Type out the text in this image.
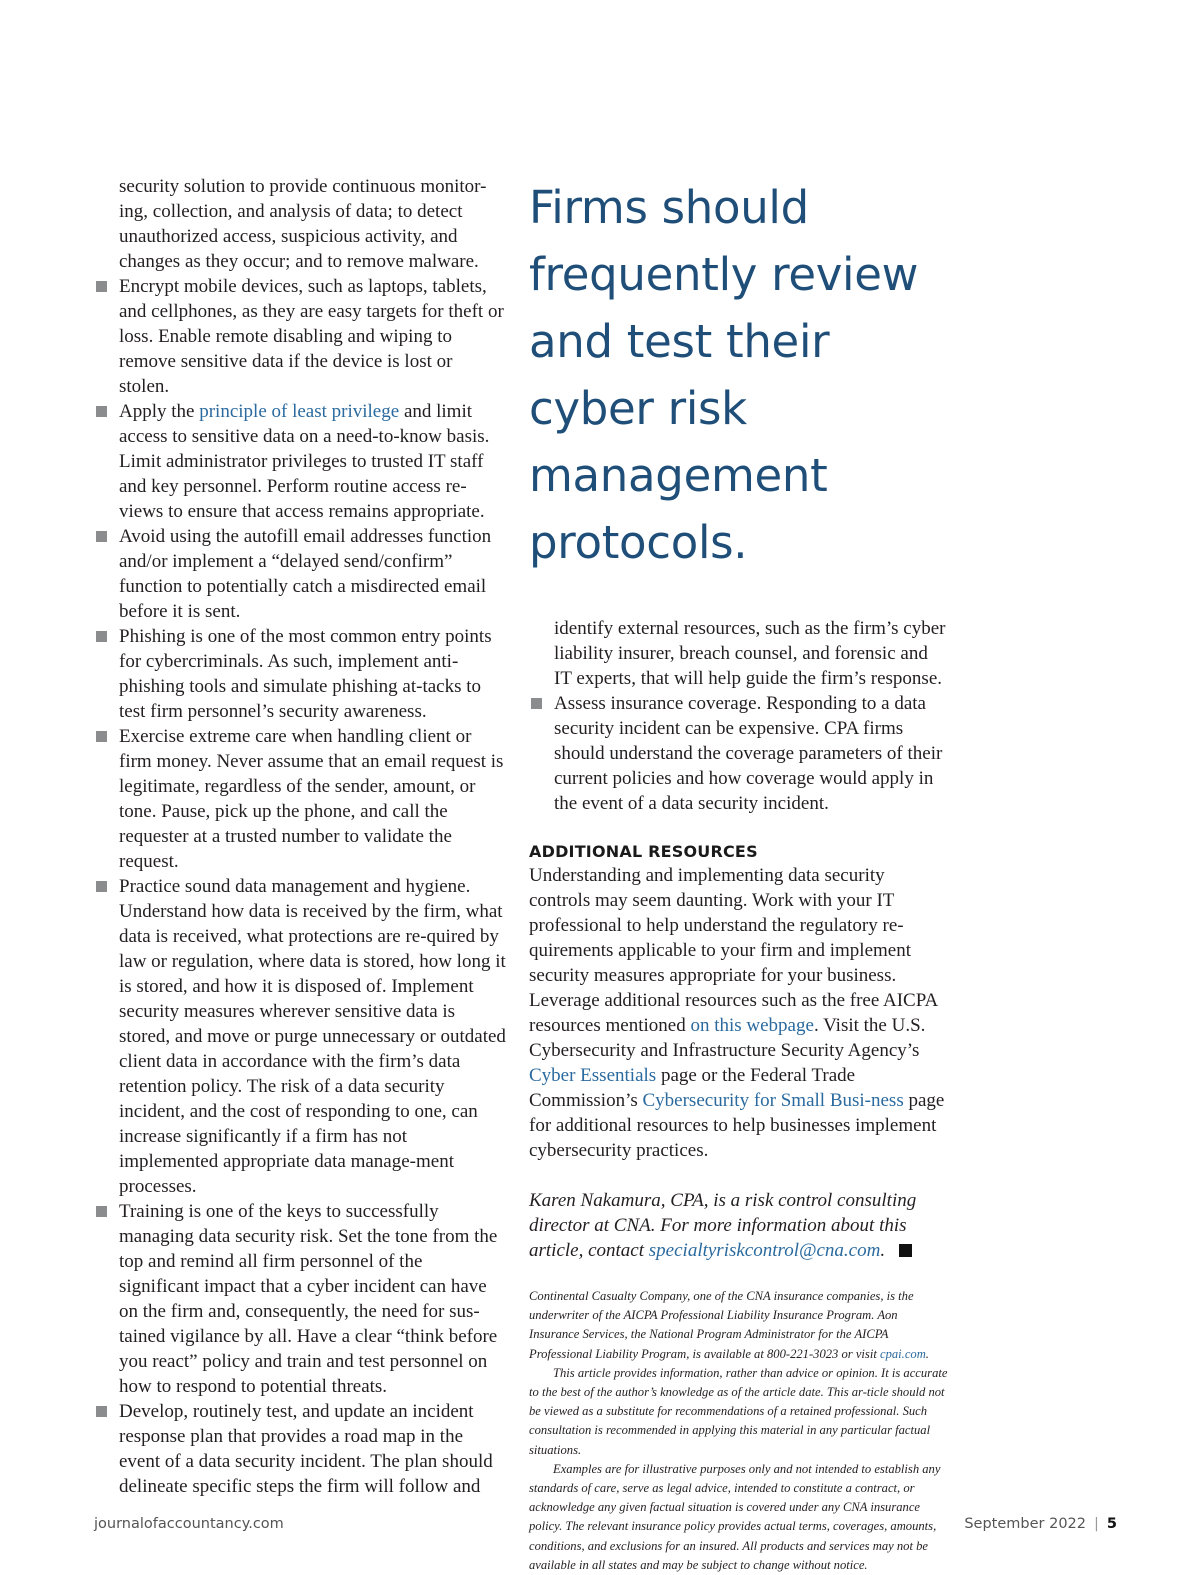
security solution to provide continuous monitor-ing, collection, and analysis of data; to detect unauthorized access, suspicious activity, and changes as they occur; and to remove malware.

Encrypt mobile devices, such as laptops, tablets, and cellphones, as they are easy targets for theft or loss. Enable remote disabling and wiping to remove sensitive data if the device is lost or stolen.

Apply the principle of least privilege and limit access to sensitive data on a need-to-know basis. Limit administrator privileges to trusted IT staff and key personnel. Perform routine access re-views to ensure that access remains appropriate.

Avoid using the autofill email addresses function and/or implement a “delayed send/confirm” function to potentially catch a misdirected email before it is sent.

Phishing is one of the most common entry points for cybercriminals. As such, implement anti-phishing tools and simulate phishing at-tacks to test firm personnel’s security awareness.

Exercise extreme care when handling client or firm money. Never assume that an email request is legitimate, regardless of the sender, amount, or tone. Pause, pick up the phone, and call the requester at a trusted number to validate the request.

Practice sound data management and hygiene. Understand how data is received by the firm, what data is received, what protections are re-quired by law or regulation, where data is stored, how long it is stored, and how it is disposed of. Implement security measures wherever sensitive data is stored, and move or purge unnecessary or outdated client data in accordance with the firm’s data retention policy. The risk of a data security incident, and the cost of responding to one, can increase significantly if a firm has not implemented appropriate data manage-ment processes.

Training is one of the keys to successfully managing data security risk. Set the tone from the top and remind all firm personnel of the significant impact that a cyber incident can have on the firm and, consequently, the need for sus-tained vigilance by all. Have a clear “think before you react” policy and train and test personnel on how to respond to potential threats.

Develop, routinely test, and update an incident response plan that provides a road map in the event of a data security incident. The plan should delineate specific steps the firm will follow and

Firms should frequently review and test their cyber risk management protocols.

identify external resources, such as the firm’s cyber liability insurer, breach counsel, and forensic and IT experts, that will help guide the firm’s response.

Assess insurance coverage. Responding to a data security incident can be expensive. CPA firms should understand the coverage parameters of their current policies and how coverage would apply in the event of a data security incident.

ADDITIONAL RESOURCES

Understanding and implementing data security controls may seem daunting. Work with your IT professional to help understand the regulatory re-quirements applicable to your firm and implement security measures appropriate for your business. Leverage additional resources such as the free AICPA resources mentioned on this webpage. Visit the U.S. Cybersecurity and Infrastructure Security Agency’s Cyber Essentials page or the Federal Trade Commission’s Cybersecurity for Small Busi-ness page for additional resources to help businesses implement cybersecurity practices.

Karen Nakamura, CPA, is a risk control consulting director at CNA. For more information about this article, contact specialtyriskcontrol@cna.com.

Continental Casualty Company, one of the CNA insurance companies, is the underwriter of the AICPA Professional Liability Insurance Program. Aon Insurance Services, the National Program Administrator for the AICPA Professional Liability Program, is available at 800-221-3023 or visit cpai.com.

This article provides information, rather than advice or opinion. It is accurate to the best of the author’s knowledge as of the article date. This ar-ticle should not be viewed as a substitute for recommendations of a retained professional. Such consultation is recommended in applying this material in any particular factual situations.

Examples are for illustrative purposes only and not intended to establish any standards of care, serve as legal advice, intended to constitute a contract, or acknowledge any given factual situation is covered under any CNA insurance policy. The relevant insurance policy provides actual terms, coverages, amounts, conditions, and exclusions for an insured. All products and services may not be available in all states and may be subject to change without notice.

journalofaccountancy.com	September 2022 | 5
